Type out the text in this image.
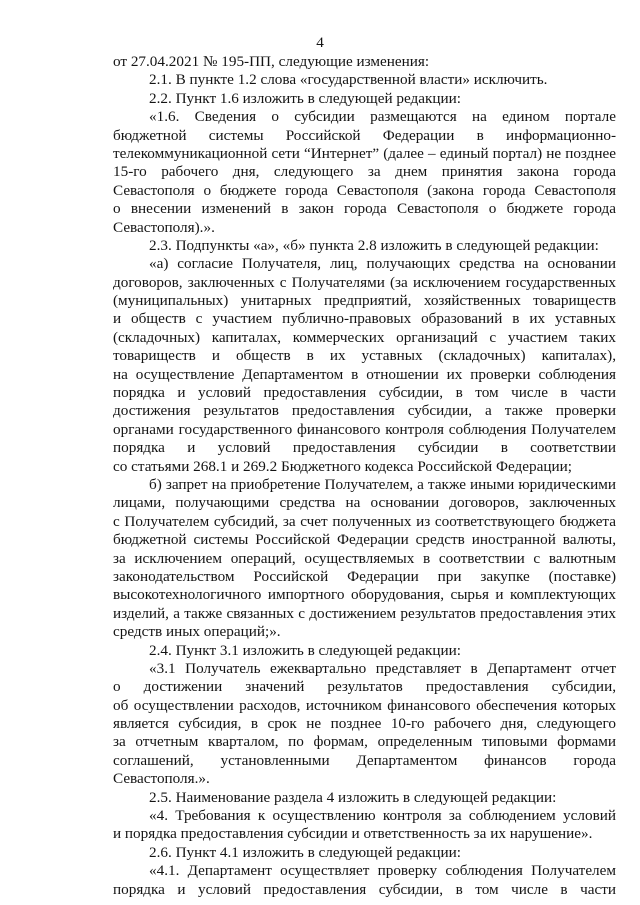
4
от 27.04.2021 № 195-ПП, следующие изменения:
2.1. В пункте 1.2 слова «государственной власти» исключить.
2.2. Пункт 1.6 изложить в следующей редакции:
«1.6. Сведения о субсидии размещаются на едином портале
бюджетной системы Российской Федерации в информационно-
телекоммуникационной сети “Интернет” (далее – единый портал) не позднее
15-го рабочего дня, следующего за днем принятия закона города
Севастополя о бюджете города Севастополя (закона города Севастополя
о внесении изменений в закон города Севастополя о бюджете города
Севастополя).».
2.3. Подпункты «а», «б» пункта 2.8 изложить в следующей редакции:
«а) согласие Получателя, лиц, получающих средства на основании
договоров, заключенных с Получателями (за исключением государственных
(муниципальных) унитарных предприятий, хозяйственных товариществ
и обществ с участием публично-правовых образований в их уставных
(складочных) капиталах, коммерческих организаций с участием таких
товариществ и обществ в их уставных (складочных) капиталах),
на осуществление Департаментом в отношении их проверки соблюдения
порядка и условий предоставления субсидии, в том числе в части
достижения результатов предоставления субсидии, а также проверки
органами государственного финансового контроля соблюдения Получателем
порядка и условий предоставления субсидии в соответствии
со статьями 268.1 и 269.2 Бюджетного кодекса Российской Федерации;
б) запрет на приобретение Получателем, а также иными юридическими
лицами, получающими средства на основании договоров, заключенных
с Получателем субсидий, за счет полученных из соответствующего бюджета
бюджетной системы Российской Федерации средств иностранной валюты,
за исключением операций, осуществляемых в соответствии с валютным
законодательством Российской Федерации при закупке (поставке)
высокотехнологичного импортного оборудования, сырья и комплектующих
изделий, а также связанных с достижением результатов предоставления этих
средств иных операций;».
2.4. Пункт 3.1 изложить в следующей редакции:
«3.1 Получатель ежеквартально представляет в Департамент отчет
о достижении значений результатов предоставления субсидии,
об осуществлении расходов, источником финансового обеспечения которых
является субсидия, в срок не позднее 10-го рабочего дня, следующего
за отчетным кварталом, по формам, определенным типовыми формами
соглашений, установленными Департаментом финансов города
Севастополя.».
2.5. Наименование раздела 4 изложить в следующей редакции:
«4. Требования к осуществлению контроля за соблюдением условий
и порядка предоставления субсидии и ответственность за их нарушение».
2.6. Пункт 4.1 изложить в следующей редакции:
«4.1. Департамент осуществляет проверку соблюдения Получателем
порядка и условий предоставления субсидии, в том числе в части
